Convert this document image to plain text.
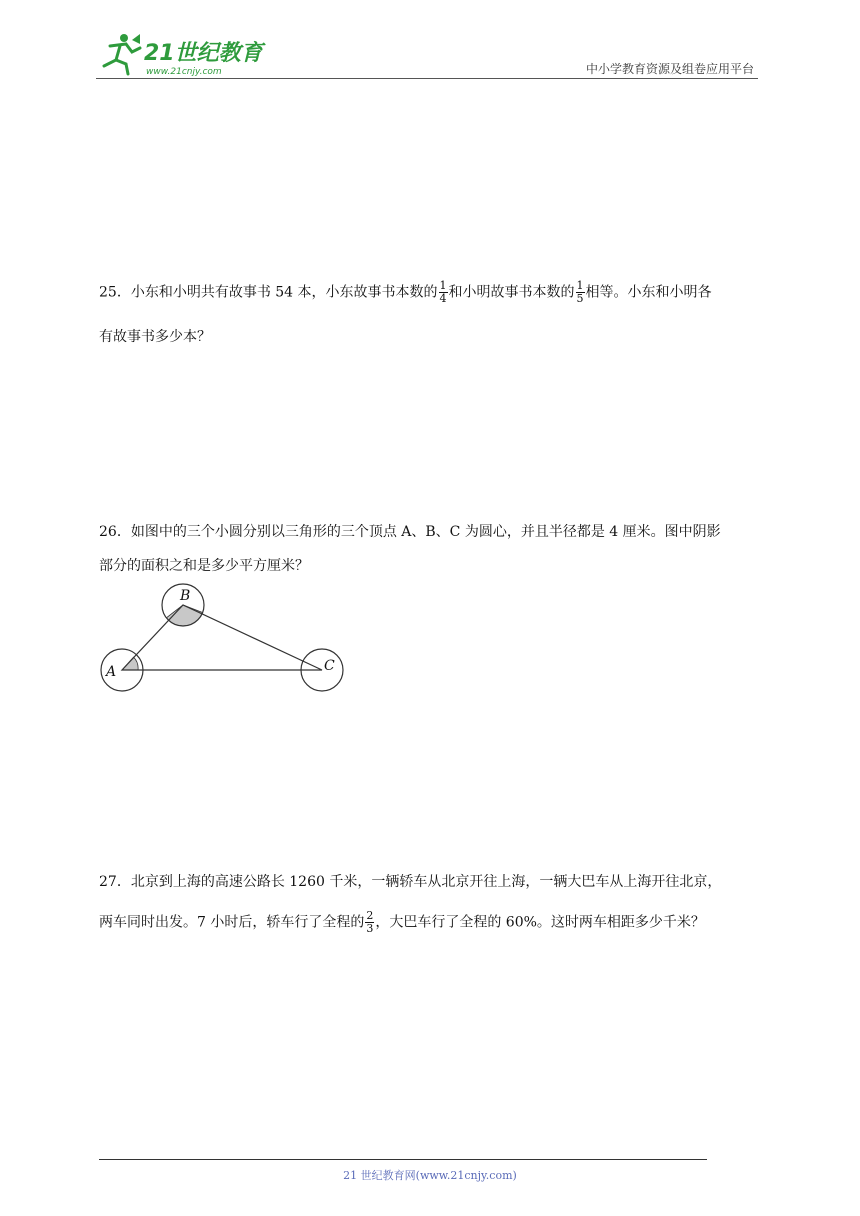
21世纪教育
www.21cnjy.com	中小学教育资源及组卷应用平台
25．小东和小明共有故事书 54 本，小东故事书本数的 $\frac{1}{4}$ 和小明故事书本数的 $\frac{1}{5}$ 相等。小东和小明各
有故事书多少本？
26．如图中的三个小圆分别以三角形的三个顶点 A、B、C 为圆心，并且半径都是 4 厘米。图中阴影
部分的面积之和是多少平方厘米？
A
B
C
27．北京到上海的高速公路长 1260 千米，一辆轿车从北京开往上海，一辆大巴车从上海开往北京，
两车同时出发。7 小时后，轿车行了全程的 $\frac{2}{3}$ ，大巴车行了全程的 60%。这时两车相距多少千米？
21 世纪教育网(www.21cnjy.com)
